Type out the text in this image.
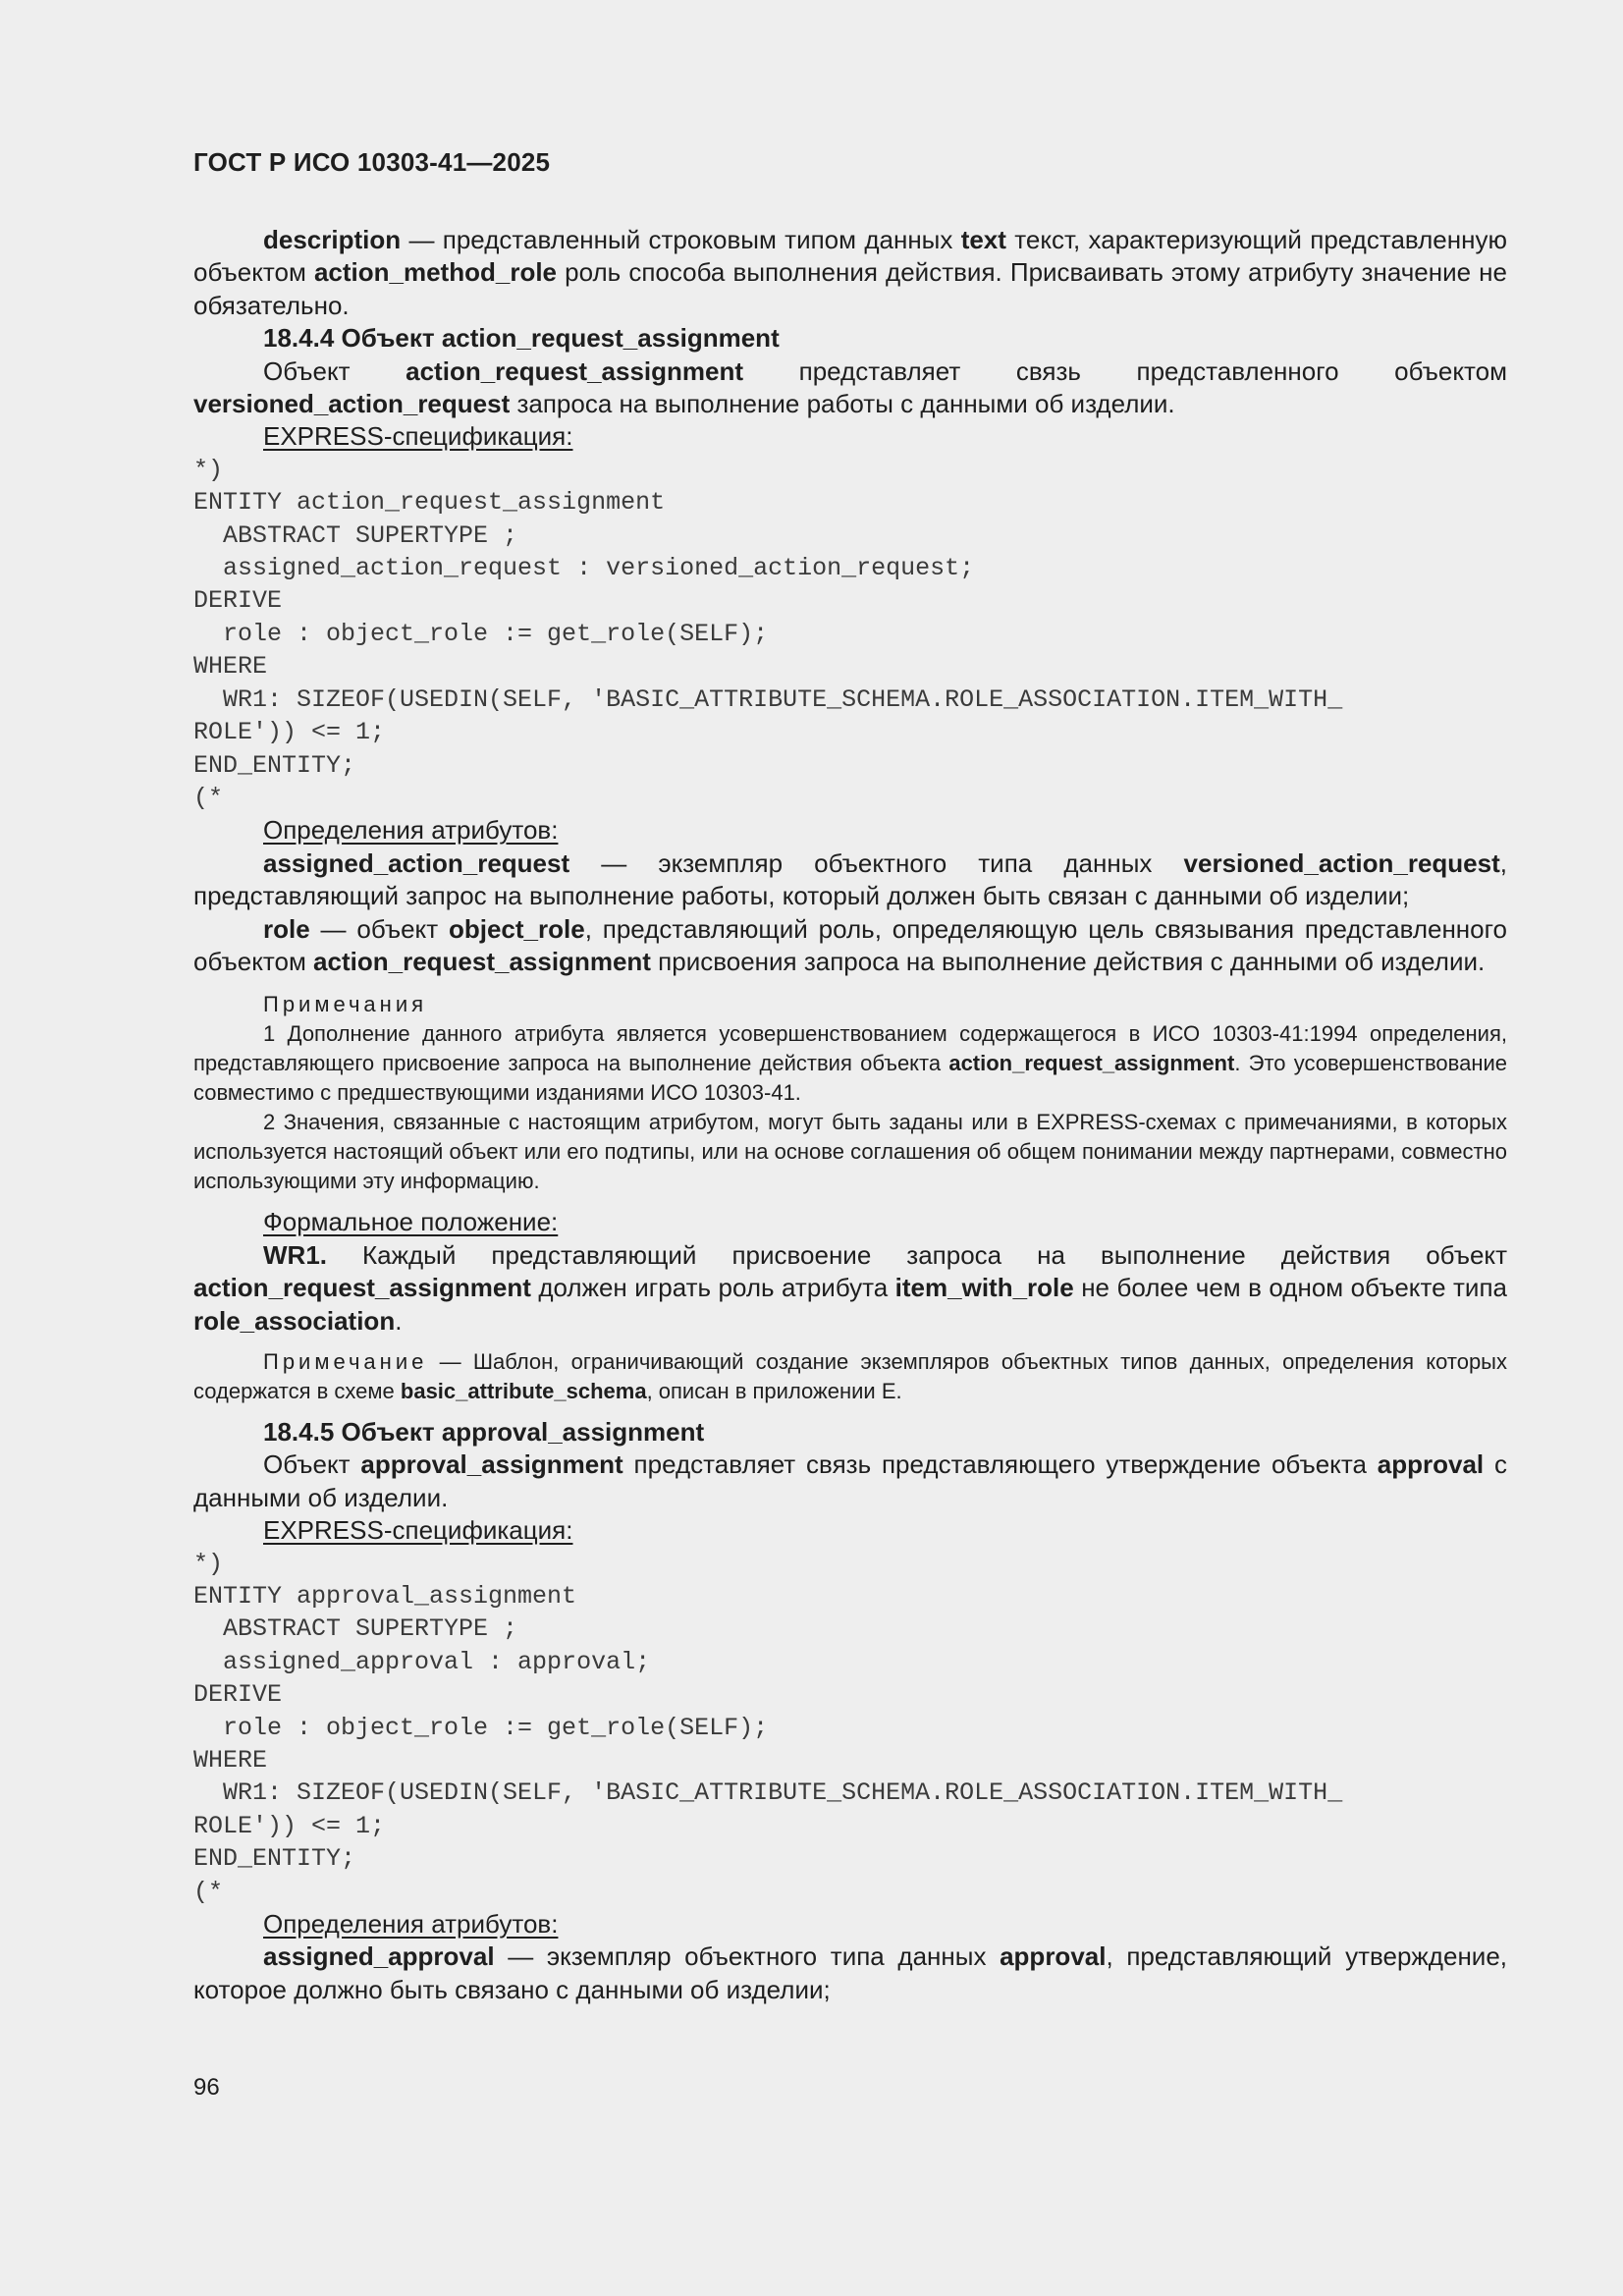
ГОСТ Р ИСО 10303-41—2025

description — представленный строковым типом данных text текст, характеризующий представленную объектом action_method_role роль способа выполнения действия. Присваивать этому атрибуту значение не обязательно.

18.4.4 Объект action_request_assignment

Объект action_request_assignment представляет связь представленного объектом versioned_action_request запроса на выполнение работы с данными об изделии.

EXPRESS-спецификация:

*)

ENTITY action_request_assignment

ABSTRACT SUPERTYPE ;

assigned_action_request : versioned_action_request;

DERIVE

role : object_role := get_role(SELF);

WHERE

WR1: SIZEOF(USEDIN(SELF, 'BASIC_ATTRIBUTE_SCHEMA.ROLE_ASSOCIATION.ITEM_WITH_

ROLE')) <= 1;

END_ENTITY;

(*

Определения атрибутов:

assigned_action_request — экземпляр объектного типа данных versioned_action_request, представляющий запрос на выполнение работы, который должен быть связан с данными об изделии;

role — объект object_role, представляющий роль, определяющую цель связывания представленного объектом action_request_assignment присвоения запроса на выполнение действия с данными об изделии.

Примечания

1 Дополнение данного атрибута является усовершенствованием содержащегося в ИСО 10303-41:1994 определения, представляющего присвоение запроса на выполнение действия объекта action_request_assignment. Это усовершенствование совместимо с предшествующими изданиями ИСО 10303-41.

2 Значения, связанные с настоящим атрибутом, могут быть заданы или в EXPRESS-схемах с примечаниями, в которых используется настоящий объект или его подтипы, или на основе соглашения об общем понимании между партнерами, совместно использующими эту информацию.

Формальное положение:

WR1. Каждый представляющий присвоение запроса на выполнение действия объект action_request_assignment должен играть роль атрибута item_with_role не более чем в одном объекте типа role_association.

Примечание — Шаблон, ограничивающий создание экземпляров объектных типов данных, определения которых содержатся в схеме basic_attribute_schema, описан в приложении Е.

18.4.5 Объект approval_assignment

Объект approval_assignment представляет связь представляющего утверждение объекта approval с данными об изделии.

EXPRESS-спецификация:

*)

ENTITY approval_assignment

ABSTRACT SUPERTYPE ;

assigned_approval : approval;

DERIVE

role : object_role := get_role(SELF);

WHERE

WR1: SIZEOF(USEDIN(SELF, 'BASIC_ATTRIBUTE_SCHEMA.ROLE_ASSOCIATION.ITEM_WITH_

ROLE')) <= 1;

END_ENTITY;

(*

Определения атрибутов:

assigned_approval — экземпляр объектного типа данных approval, представляющий утверждение, которое должно быть связано с данными об изделии;

96
